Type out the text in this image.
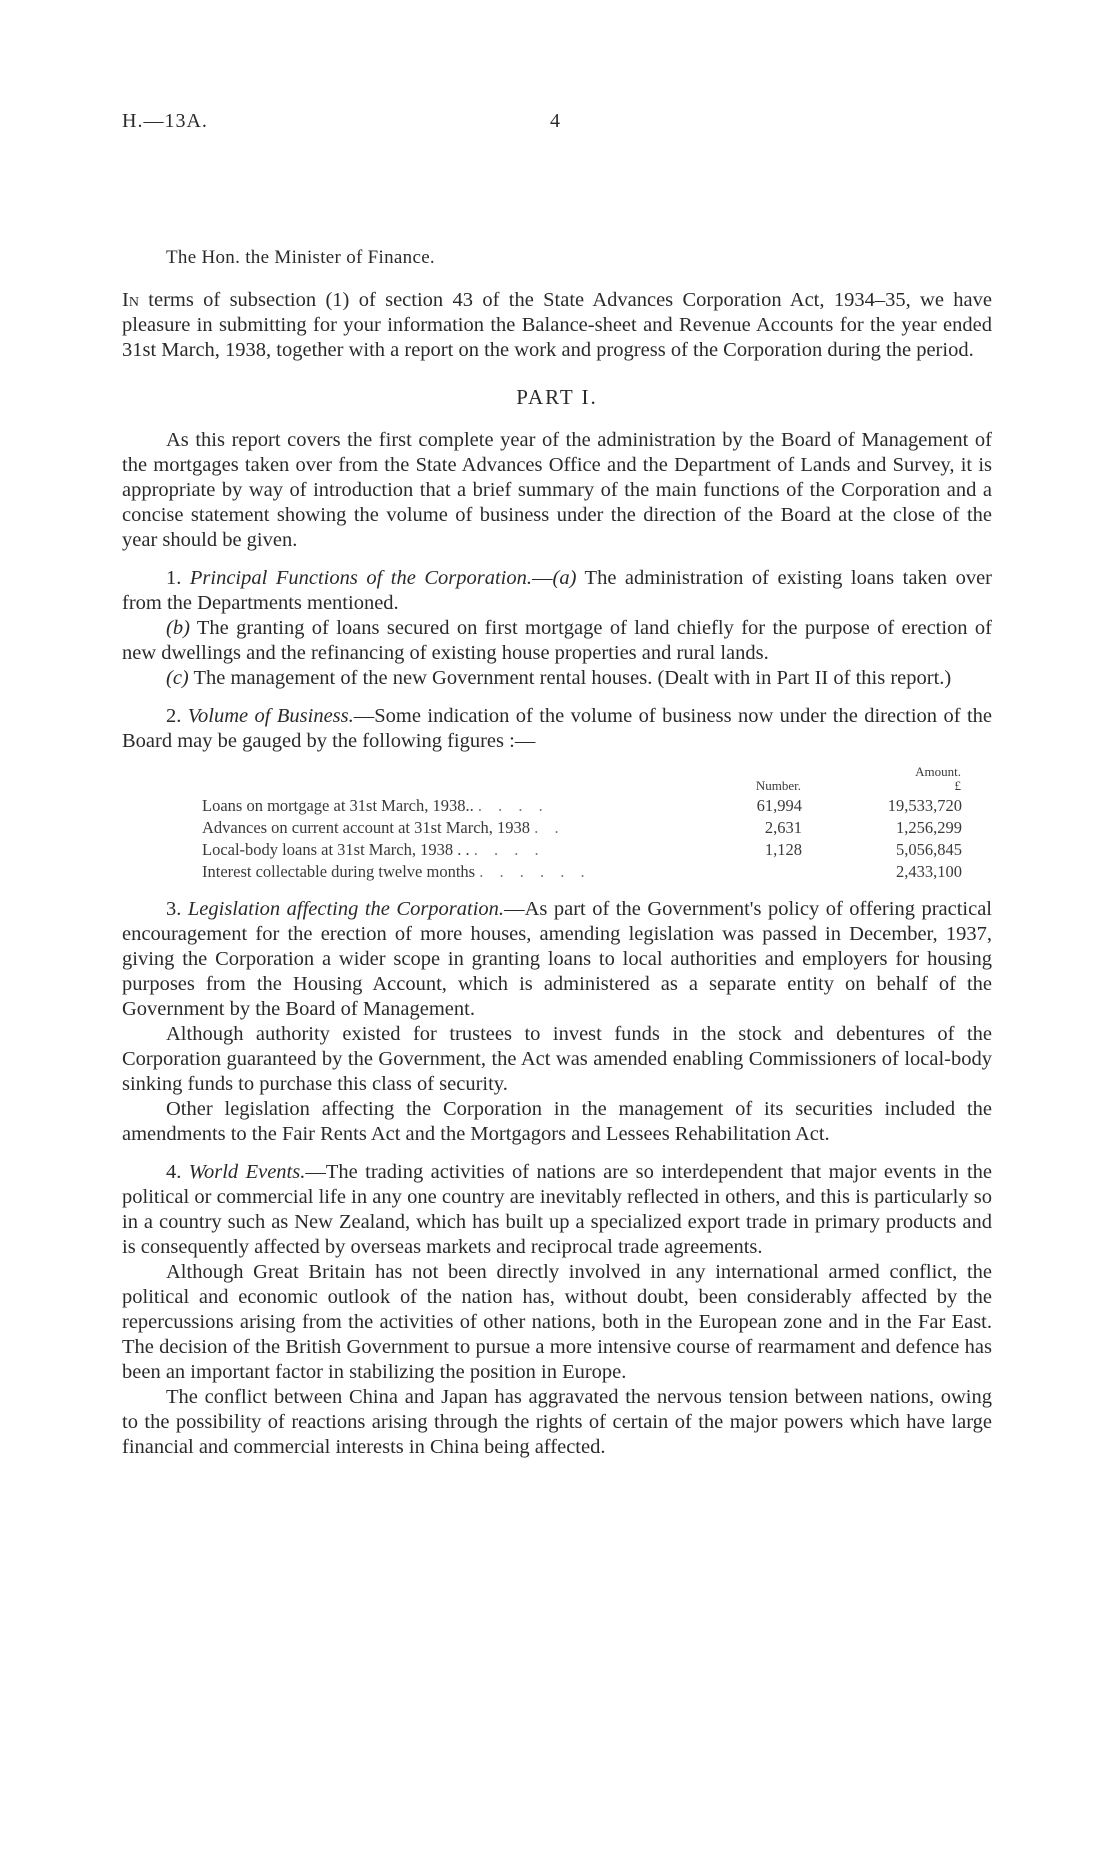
H.—13A.	4

The Hon. the Minister of Finance.

In terms of subsection (1) of section 43 of the State Advances Corporation Act, 1934–35, we have pleasure in submitting for your information the Balance-sheet and Revenue Accounts for the year ended 31st March, 1938, together with a report on the work and progress of the Corporation during the period.

PART I.

As this report covers the first complete year of the administration by the Board of Management of the mortgages taken over from the State Advances Office and the Department of Lands and Survey, it is appropriate by way of introduction that a brief summary of the main functions of the Corporation and a concise statement showing the volume of business under the direction of the Board at the close of the year should be given.

1. Principal Functions of the Corporation.—(a) The administration of existing loans taken over from the Departments mentioned.

(b) The granting of loans secured on first mortgage of land chiefly for the purpose of erection of new dwellings and the refinancing of existing house properties and rural lands.

(c) The management of the new Government rental houses. (Dealt with in Part II of this report.)

2. Volume of Business.—Some indication of the volume of business now under the direction of the Board may be gauged by the following figures :—

	Number.	Amount.
£
Loans on mortgage at 31st March, 1938.. . . . .	61,994	19,533,720
Advances on current account at 31st March, 1938 . .	2,631	1,256,299
Local-body loans at 31st March, 1938 . . . . . .	1,128	5,056,845
Interest collectable during twelve months . . . . . .		2,433,100

3. Legislation affecting the Corporation.—As part of the Government's policy of offering practical encouragement for the erection of more houses, amending legislation was passed in December, 1937, giving the Corporation a wider scope in granting loans to local authorities and employers for housing purposes from the Housing Account, which is administered as a separate entity on behalf of the Government by the Board of Management.

Although authority existed for trustees to invest funds in the stock and debentures of the Corporation guaranteed by the Government, the Act was amended enabling Commissioners of local-body sinking funds to purchase this class of security.

Other legislation affecting the Corporation in the management of its securities included the amendments to the Fair Rents Act and the Mortgagors and Lessees Rehabilitation Act.

4. World Events.—The trading activities of nations are so interdependent that major events in the political or commercial life in any one country are inevitably reflected in others, and this is particularly so in a country such as New Zealand, which has built up a specialized export trade in primary products and is consequently affected by overseas markets and reciprocal trade agreements.

Although Great Britain has not been directly involved in any international armed conflict, the political and economic outlook of the nation has, without doubt, been considerably affected by the repercussions arising from the activities of other nations, both in the European zone and in the Far East. The decision of the British Government to pursue a more intensive course of rearmament and defence has been an important factor in stabilizing the position in Europe.

The conflict between China and Japan has aggravated the nervous tension between nations, owing to the possibility of reactions arising through the rights of certain of the major powers which have large financial and commercial interests in China being affected.
